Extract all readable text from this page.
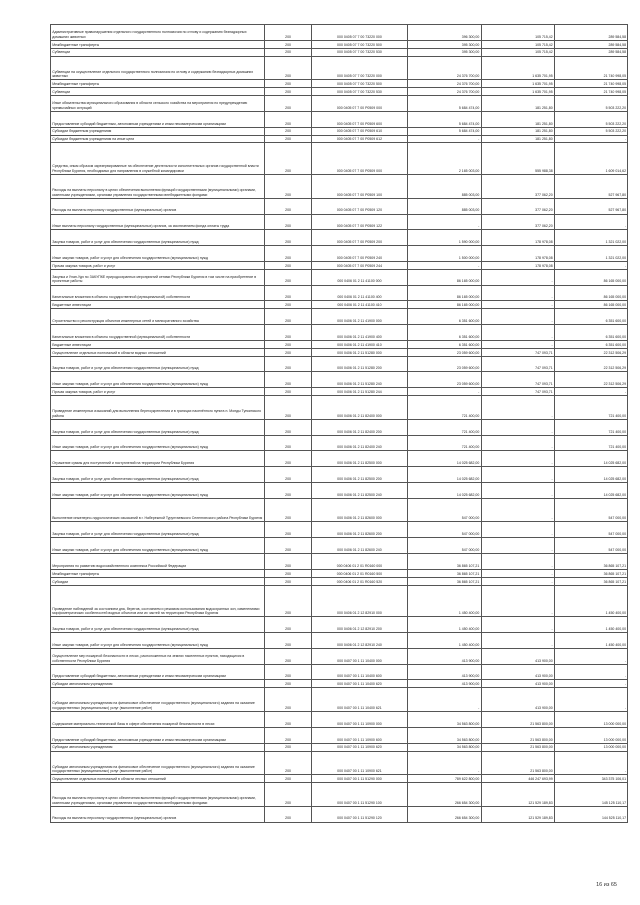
Административные правонарушения отдельного государственного полномочия по отлову и содержанию безнадзорных домашних животных	200	000 0405 07 7 00 73220 000	396 300,00	105 715,42	289 584,58
Межбюджетные трансферты	200	000 0405 07 7 00 73220 500	395 300,00	105 715,42	289 584,58
Субвенции	200	000 0405 07 7 00 73220 530	395 300,00	105 715,42	289 584,58
Субвенции на осуществление отдельного государственного полномочия по отлову и содержанию безнадзорных домашних животных	200	000 0405 07 7 00 73220 000	24 376 700,00	1 635 701,95	21 740 998,05
Межбюджетные трансферты	200	000 0405 07 7 00 73220 500	24 376 700,00	1 635 701,95	21 740 998,05
Субвенции	200	000 0405 07 7 00 73220 530	24 376 700,00	1 635 701,95	21 740 998,05
Иные обязательства муниципального образования в области сельского хозяйства на мероприятия по предупреждению чрезвычайных ситуаций	200	000 0405 07 7 00 P0509 000	5 684 474,00	181 251,80	5 503 222,20
Предоставление субсидий бюджетным, автономным учреждениям и иным некоммерческим организациям	200	000 0405 07 7 00 P0509 600	5 684 474,00	181 251,80	5 503 222,20
Субсидии бюджетным учреждениям	200	000 0405 07 7 00 P0509 610	5 684 474,00	181 251,80	5 503 222,20
Субсидии бюджетным учреждениям на иные цели	200	000 0405 07 7 00 P0509 612	-	181 251,80	-
Средства, иным образом зарезервированные на обеспечение деятельности исполнительных органов государственной власти Республики Бурятия, необходимых для направления в служебной командировки	200	000 0405 07 7 00 P0509 000	2 165 003,00	555 988,38	1 609 014,62
Расходы на выплаты персоналу в целях обеспечения выполнения функций государственными (муниципальными) органами, казенными учреждениями, органами управления государственными внебюджетными фондами	200	000 0405 07 7 00 P0509 100	885 003,00	377 062,20	527 967,80
Расходы на выплаты персоналу государственных (муниципальных) органов	200	000 0405 07 7 00 P0509 120	885 003,00	377 062,20	527 967,80
Иные выплаты персоналу государственных (муниципальных) органов, за исключением фонда оплаты труда	200	000 0405 07 7 00 P0509 122	-	377 062,20	-
Закупка товаров, работ и услуг для обеспечения государственных (муниципальных) нужд	200	000 0405 07 7 00 P0509 200	1 590 000,00	178 978,08	1 321 022,00
Иные закупки товаров, работ и услуг для обеспечения государственных (муниципальных) нужд	200	000 0405 07 7 00 P0509 240	1 500 000,00	178 978,08	1 321 022,00
Прочая закупка товаров, работ и услуг	200	000 0405 07 7 00 P0509 244	-	178 978,08	-
Закупка и Улан-Удэ по ЗАКУПКЕ природоохранных мероприятий сетями Республики Бурятия в том числе на приобретение в проектные работы	200	000 0406 01 2 11 41100 000	86 165 000,00	-	86 165 000,00
Капитальные вложения в объекты государственной (муниципальной) собственности	200	000 0406 01 2 11 41100 400	86 165 000,00	-	86 165 000,00
Бюджетные инвестиции	200	000 0406 01 2 11 41100 410	86 165 000,00	-	86 165 000,00
Строительство и реконструкция объектов инженерных сетей и мелиоративного хозяйства	200	000 0406 01 2 11 41900 000	6 351 600,00	-	6 351 600,00
Капитальные вложения в объекты государственной (муниципальной) собственности	200	000 0406 01 2 11 41900 400	6 351 600,00	-	6 351 600,00
Бюджетные инвестиции	200	000 0406 01 2 11 41900 410	6 351 600,00	-	6 351 600,00
Осуществление отдельных полномочий в области водных отношений	200	000 0406 01 2 11 51280 000	23 059 600,00	747 093,71	22 312 506,29
Закупка товаров, работ и услуг для обеспечения государственных (муниципальных) нужд	200	000 0406 01 2 11 51280 200	23 059 600,00	747 093,71	22 312 506,29
Иные закупки товаров, работ и услуг для обеспечения государственных (муниципальных) нужд	200	000 0406 01 2 11 51280 240	23 059 600,00	747 093,71	22 312 506,29
Прочая закупка товаров, работ и услуг	200	000 0406 01 2 11 51280 244	-	747 093,71	-
Проведение инженерных изысканий для выполнения берегоукрепления и в границах населённого пункта п. Монды Тункинского района	200	000 0406 01 2 11 82400 000	721 400,00	-	721 400,00
Закупка товаров, работ и услуг для обеспечения государственных (муниципальных) нужд	200	000 0406 01 2 11 82400 200	721 400,00	-	721 400,00
Иные закупки товаров, работ и услуг для обеспечения государственных (муниципальных) нужд	200	000 0406 01 2 11 82400 240	721 400,00	-	721 400,00
Отражение суммы для поступлений и поступлений на территории Республики Бурятия	200	000 0406 01 2 11 82500 000	14 025 682,00	-	14 025 682,00
Закупка товаров, работ и услуг для обеспечения государственных (муниципальных) нужд	200	000 0406 01 2 11 82500 200	14 025 682,00	-	14 025 682,00
Иные закупки товаров, работ и услуг для обеспечения государственных (муниципальных) нужд	200	000 0406 01 2 11 82500 240	14 025 682,00	-	14 025 682,00
Выполнение инженерно-гидрологических изысканий в г. Набережной Турунтаевского Селенгинского района Республики Бурятия	200	000 0406 01 2 11 82600 000	547 000,00	-	547 000,00
Закупка товаров, работ и услуг для обеспечения государственных (муниципальных) нужд	200	000 0406 01 2 11 82600 200	547 000,00	-	547 000,00
Иные закупки товаров, работ и услуг для обеспечения государственных (муниципальных) нужд	200	000 0406 01 2 11 82600 240	547 000,00	-	547 000,00
Мероприятия по развитию водохозяйственного комплекса Российской Федерации	200	000 0406 01 2 01 R0160 000	36 865 107,21	-	36 865 107,21
Межбюджетные трансферты	200	000 0406 01 2 01 R0160 500	36 865 107,21	-	36 865 107,21
Субсидии	200	000 0406 01 2 01 R0160 520	36 865 107,21	-	36 865 107,21
Проведение наблюдений за состоянием дна, берегов, состоянием и режимом использования водоохранных зон, изменениями морфометрических особенностей водных объектов или их частей на территории Республики Бурятия	200	000 0406 01 2 12 82910 000	1 450 400,00	-	1 450 400,00
Закупка товаров, работ и услуг для обеспечения государственных (муниципальных) нужд	200	000 0406 01 2 12 82910 200	1 450 400,00	-	1 450 400,00
Иные закупки товаров, работ и услуг для обеспечения государственных (муниципальных) нужд	200	000 0406 01 2 12 82910 240	1 450 400,00	-	1 450 400,00
Осуществление мер пожарной безопасности в лесах, расположенных на землях населенных пунктов, находящихся в собственности Республики Бурятия	200	000 0407 00 1 11 10400 000	413 900,00	413 900,00	-
Предоставление субсидий бюджетным, автономным учреждениям и иным некоммерческим организациям	200	000 0407 00 1 11 10400 600	413 900,00	413 900,00	-
Субсидии автономным учреждениям	200	000 0407 00 1 11 10400 620	413 900,00	413 900,00	-
Субсидии автономным учреждениям на финансовое обеспечение государственного (муниципального) задания на оказание государственных (муниципальных) услуг (выполнение работ)	200	000 0407 00 1 11 10400 621	-	413 900,00	-
Содержание материально-технической базы в сфере обеспечения пожарной безопасности в лесах	200	000 0407 00 1 11 10900 000	34 563 800,00	21 563 800,00	13 000 000,00
Предоставление субсидий бюджетным, автономным учреждениям и иным некоммерческим организациям	200	000 0407 00 1 11 10900 600	34 563 800,00	21 563 800,00	13 000 000,00
Субсидии автономным учреждениям	200	000 0407 00 1 11 10900 620	34 563 800,00	21 563 800,00	13 000 000,00
Субсидии автономным учреждениям на финансовое обеспечение государственного (муниципального) задания на оказание государственных (муниципальных) услуг (выполнение работ)	200	000 0407 00 1 11 10900 621	-	21 563 800,00	-
Осуществление отдельных полномочий в области лесных отношений	200	000 0407 00 1 11 51290 000	789 622 800,00	446 247 693,99	343 375 106,01
Расходы на выплаты персоналу в целях обеспечения выполнения функций государственными (муниципальными) органами, казенными учреждениями, органами управления государственными внебюджетными фондами	200	000 0407 00 1 11 51290 100	266 654 300,00	121 529 189,83	145 125 110,17
Расходы на выплаты персоналу государственных (муниципальных) органов	200	000 0407 00 1 11 51290 120	266 654 300,00	121 529 189,83	144 525 110,17
16 из 65
